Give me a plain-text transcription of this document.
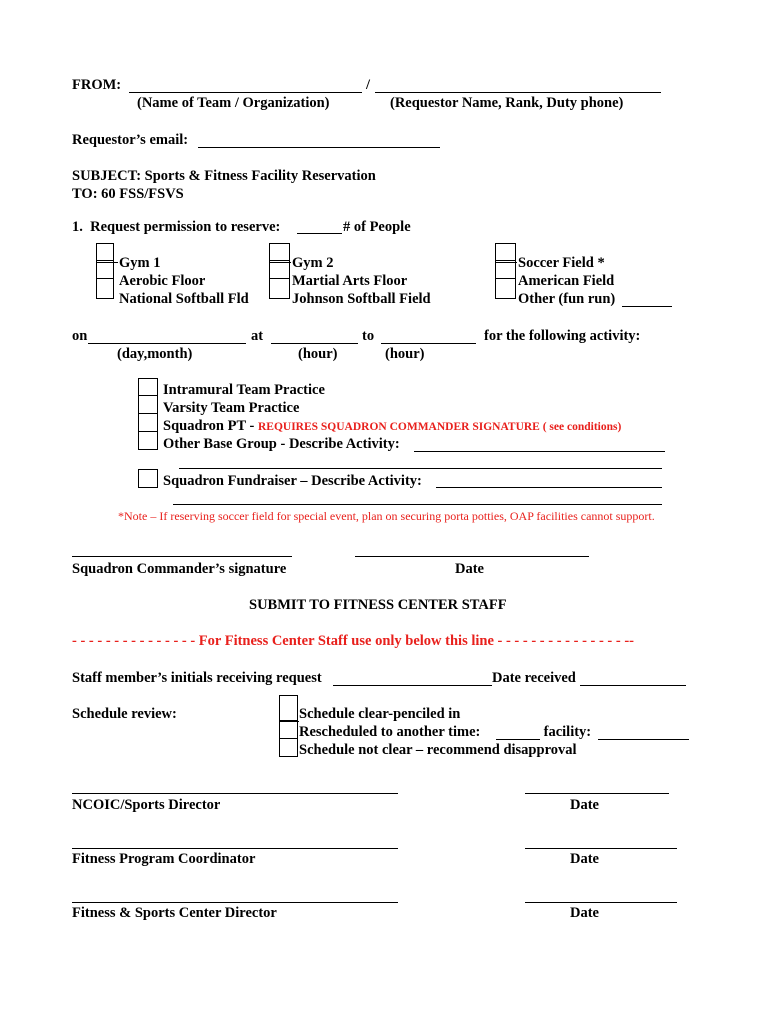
FROM:	/
(Name of Team / Organization)	(Requestor Name, Rank, Duty phone)
Requestor’s email:
SUBJECT: Sports & Fitness Facility Reservation
TO: 60 FSS/FSVS
1.  Request permission to reserve:	# of People
Gym 1
Aerobic Floor
National Softball Fld
Gym 2
Martial Arts Floor
Johnson Softball Field
Soccer Field *
American Field
Other (fun run)
on	at	to	for the following activity:
(day,month)	(hour)	(hour)
Intramural Team Practice
Varsity Team Practice
Squadron PT - REQUIRES SQUADRON COMMANDER SIGNATURE ( see conditions)
Other Base Group - Describe Activity:
Squadron Fundraiser – Describe Activity:
*Note – If reserving soccer field for special event, plan on securing porta potties, OAP facilities cannot support.
Squadron Commander’s signature	Date
SUBMIT TO FITNESS CENTER STAFF
- - - - - - - - - - - - - - - For Fitness Center Staff use only below this line - - - - - - - - - - - - - - - --
Staff member’s initials receiving request	Date received
Schedule review:	Schedule clear-penciled in
Rescheduled to another time:	facility:
Schedule not clear – recommend disapproval
NCOIC/Sports Director	Date
Fitness Program Coordinator	Date
Fitness & Sports Center Director	Date
